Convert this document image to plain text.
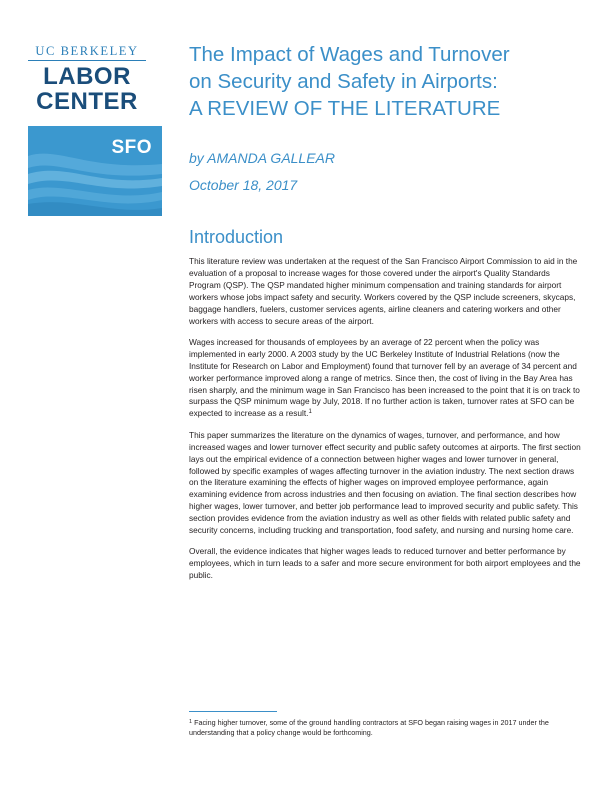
UC BERKELEY
LABOR
CENTER
SFO
The Impact of Wages and Turnover
on Security and Safety in Airports:
A REVIEW OF THE LITERATURE
by AMANDA GALLEAR
October 18, 2017
Introduction

This literature review was undertaken at the request of the San Francisco Airport Commission to aid in the evaluation of a proposal to increase wages for those covered under the airport's Quality Standards Program (QSP). The QSP mandated higher minimum compensation and training standards for airport workers whose jobs impact safety and security. Workers covered by the QSP include screeners, skycaps, baggage handlers, fuelers, customer services agents, airline cleaners and catering workers and other workers with access to secure areas of the airport.

Wages increased for thousands of employees by an average of 22 percent when the policy was implemented in early 2000. A 2003 study by the UC Berkeley Institute of Industrial Relations (now the Institute for Research on Labor and Employment) found that turnover fell by an average of 34 percent and worker performance improved along a range of metrics. Since then, the cost of living in the Bay Area has risen sharply, and the minimum wage in San Francisco has been increased to the point that it is on track to surpass the QSP minimum wage by July, 2018. If no further action is taken, turnover rates at SFO can be expected to increase as a result.$^1$

This paper summarizes the literature on the dynamics of wages, turnover, and performance, and how increased wages and lower turnover effect security and public safety outcomes at airports. The first section lays out the empirical evidence of a connection between higher wages and lower turnover in general, followed by specific examples of wages affecting turnover in the aviation industry. The next section draws on the literature examining the effects of higher wages on improved employee performance, again examining evidence from across industries and then focusing on aviation. The final section describes how higher wages, lower turnover, and better job performance lead to improved security and public safety. This section provides evidence from the aviation industry as well as other fields with related public safety and security concerns, including trucking and transportation, food safety, and nursing and nursing home care.

Overall, the evidence indicates that higher wages leads to reduced turnover and better performance by employees, which in turn leads to a safer and more secure environment for both airport employees and the public.

$^1$ Facing higher turnover, some of the ground handling contractors at SFO began raising wages in 2017 under the understanding that a policy change would be forthcoming.
